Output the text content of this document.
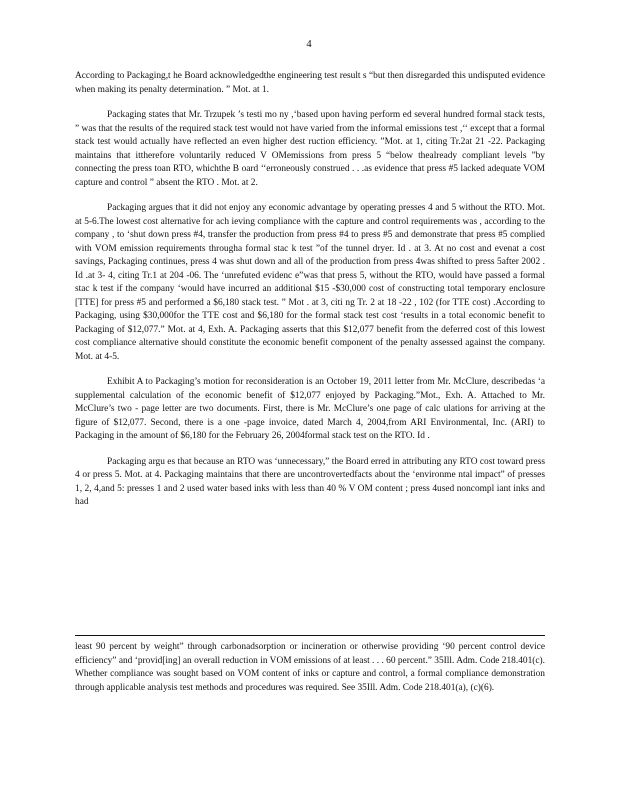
4

According to Packaging,t he Board acknowledgedthe engineering test result s “but then disregarded this undisputed evidence when making its penalty determination. ” Mot. at 1.

Packaging states that Mr. Trzupek ’s testi mo ny ,‘based upon having perform ed several hundred formal stack tests, ” was that the results of the required stack test would not have varied from the informal emissions test ,‘‘ except that a formal stack test would actually have reflected an even higher dest ruction efficiency. ”Mot. at 1, citing Tr.2at 21 -22. Packaging maintains that ittherefore voluntarily reduced V OMemissions from press 5 “below thealready compliant levels ”by connecting the press toan RTO, whichthe B oard ‘‘erroneously construed . . .as evidence that press #5 lacked adequate VOM capture and control ” absent the RTO . Mot. at 2.

Packaging argues that it did not enjoy any economic advantage by operating presses 4 and 5 without the RTO. Mot. at 5-6.The lowest cost alternative for ach ieving compliance with the capture and control requirements was , according to the company , to ‘shut down press #4, transfer the production from press #4 to press #5 and demonstrate that press #5 complied with VOM emission requirements througha formal stac k test ”of the tunnel dryer. Id . at 3. At no cost and evenat a cost savings, Packaging continues, press 4 was shut down and all of the production from press 4was shifted to press 5after 2002 . Id .at 3- 4, citing Tr.1 at 204 -06. The ‘unrefuted evidenc e”was that press 5, without the RTO, would have passed a formal stac k test if the company ‘would have incurred an additional $15 -$30,000 cost of constructing total temporary enclosure [TTE] for press #5 and performed a $6,180 stack test. ” Mot . at 3, citi ng Tr. 2 at 18 -22 , 102 (for TTE cost) .According to Packaging, using $30,000for the TTE cost and $6,180 for the formal stack test cost ‘results in a total economic benefit to Packaging of $12,077.” Mot. at 4, Exh. A. Packaging asserts that this $12,077 benefit from the deferred cost of this lowest cost compliance alternative should constitute the economic benefit component of the penalty assessed against the company. Mot. at 4-5.

Exhibit A to Packaging’s motion for reconsideration is an October 19, 2011 letter from Mr. McClure, describedas ‘a supplemental calculation of the economic benefit of $12,077 enjoyed by Packaging.”Mot., Exh. A. Attached to Mr. McClure’s two - page letter are two documents. First, there is Mr. McClure’s one page of calc ulations for arriving at the figure of $12,077. Second, there is a one -page invoice, dated March 4, 2004,from ARI Environmental, Inc. (ARI) to Packaging in the amount of $6,180 for the February 26, 2004formal stack test on the RTO. Id .

Packaging argu es that because an RTO was ‘unnecessary,” the Board erred in attributing any RTO cost toward press 4 or press 5. Mot. at 4. Packaging maintains that there are uncontrovertedfacts about the ‘environme ntal impact” of presses 1, 2, 4,and 5: presses 1 and 2 used water based inks with less than 40 % V OM content ; press 4used noncompl iant inks and had

least 90 percent by weight” through carbonadsorption or incineration or otherwise providing ‘90 percent control device efficiency” and ‘provid[ing] an overall reduction in VOM emissions of at least . . . 60 percent.” 35Ill. Adm. Code 218.401(c). Whether compliance was sought based on VOM content of inks or capture and control, a formal compliance demonstration through applicable analysis test methods and procedures was required. See 35Ill. Adm. Code 218.401(a), (c)(6).
